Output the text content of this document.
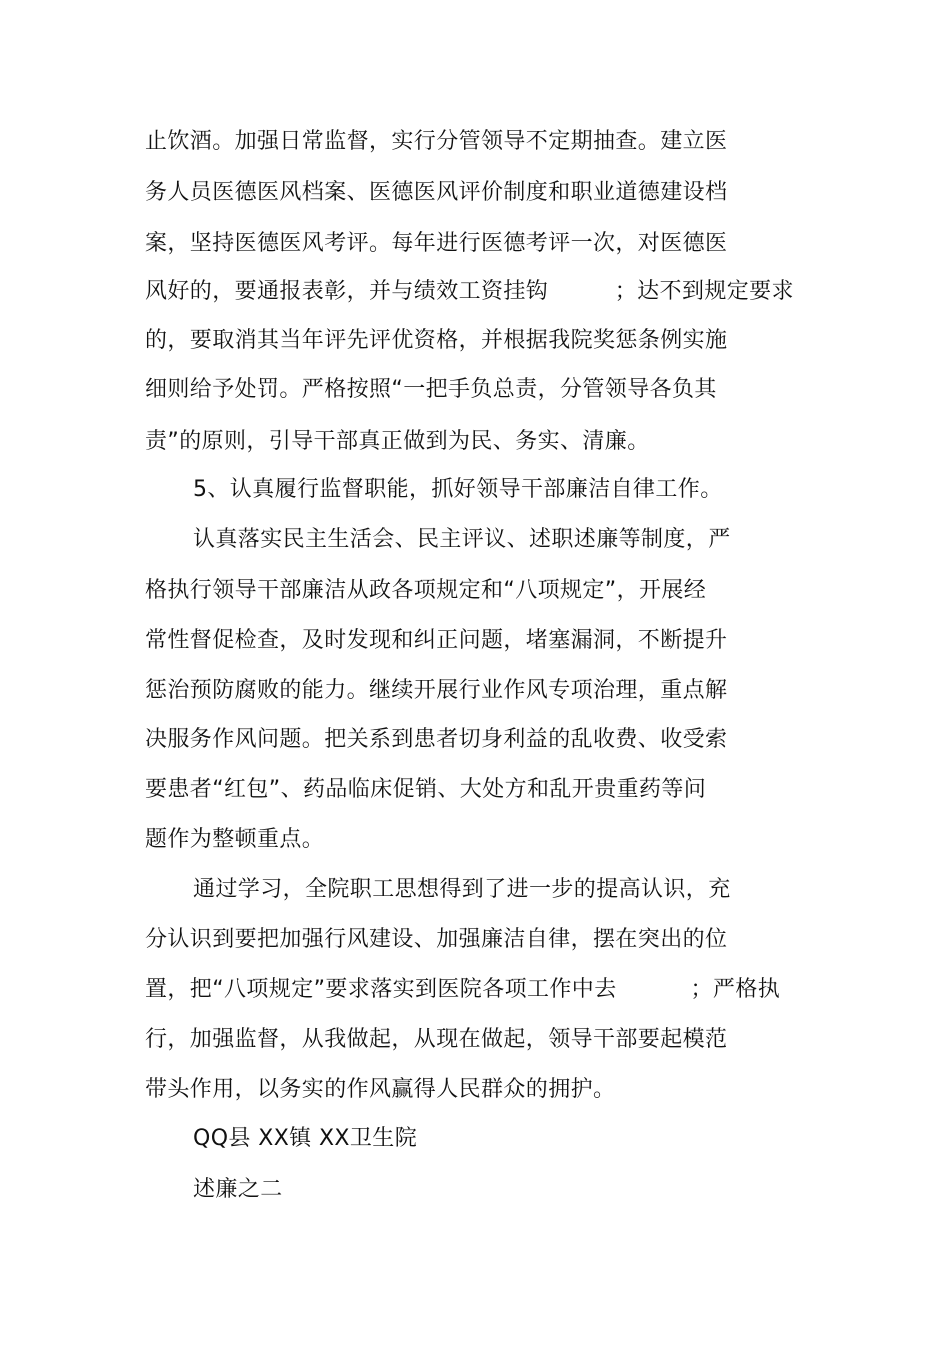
止饮酒。加强日常监督，实行分管领导不定期抽查。建立医
务人员医德医风档案、医德医风评价制度和职业道德建设档
案，坚持医德医风考评。每年进行医德考评一次，对医德医
风好的，要通报表彰，并与绩效工资挂钩         ；达不到规定要求
的，要取消其当年评先评优资格，并根据我院奖惩条例实施
细则给予处罚。严格按照“一把手负总责，分管领导各负其
责”的原则，引导干部真正做到为民、务实、清廉。
5、认真履行监督职能，抓好领导干部廉洁自律工作。
认真落实民主生活会、民主评议、述职述廉等制度，严
格执行领导干部廉洁从政各项规定和“八项规定”，开展经
常性督促检查，及时发现和纠正问题，堵塞漏洞，不断提升
惩治预防腐败的能力。继续开展行业作风专项治理，重点解
决服务作风问题。把关系到患者切身利益的乱收费、收受索
要患者“红包”、药品临床促销、大处方和乱开贵重药等问
题作为整顿重点。
通过学习，全院职工思想得到了进一步的提高认识，充
分认识到要把加强行风建设、加强廉洁自律，摆在突出的位
置，把“八项规定”要求落实到医院各项工作中去          ；严格执
行，加强监督，从我做起，从现在做起，领导干部要起模范
带头作用，以务实的作风赢得人民群众的拥护。
QQ县 XX镇 XX卫生院
述廉之二
